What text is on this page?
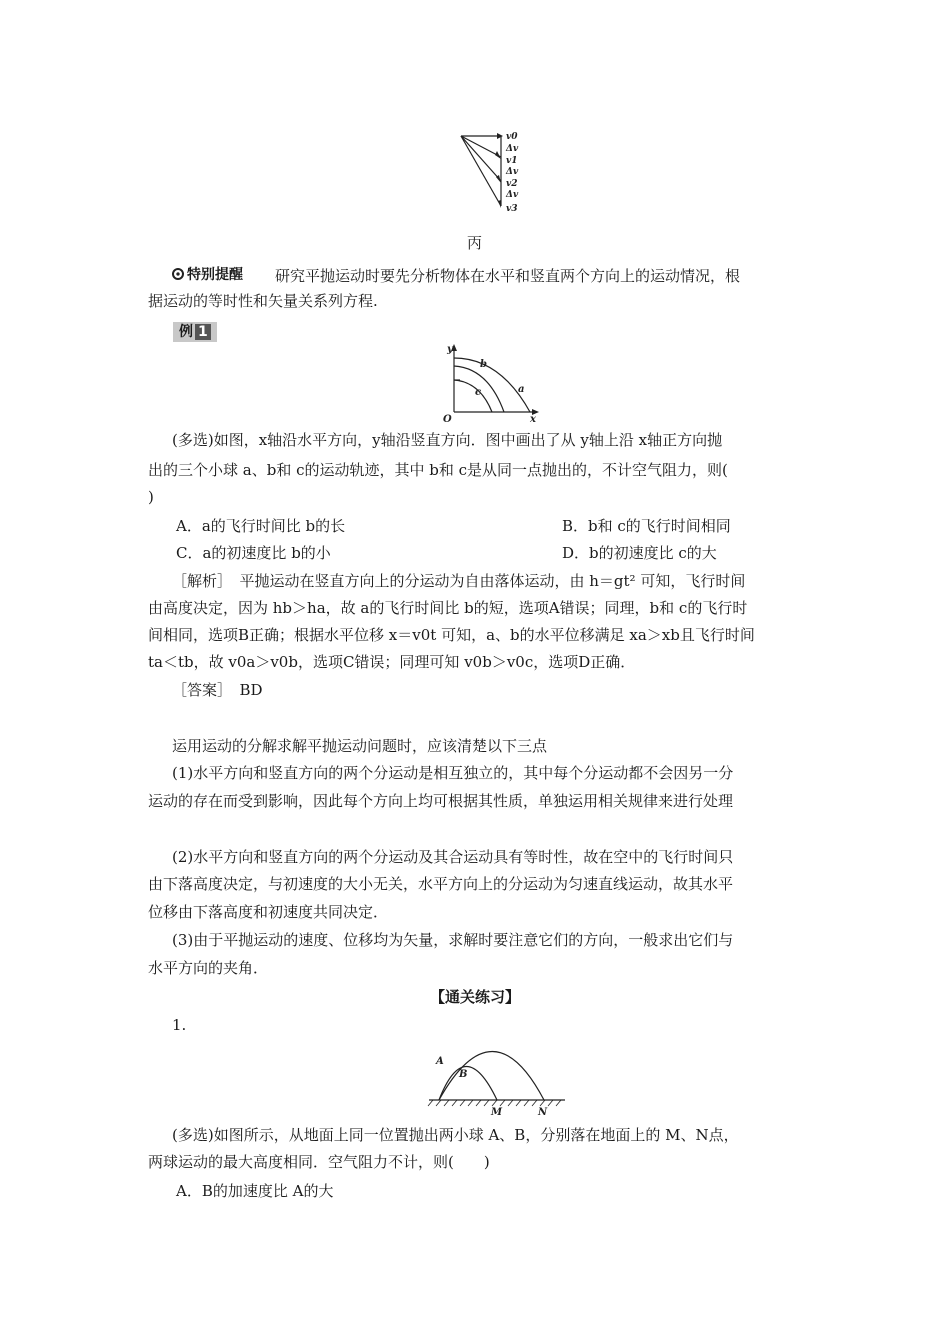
v0
Δv
v1
Δv
v2
Δv
v3
丙
特别提醒 研究平抛运动时要先分析物体在水平和竖直两个方向上的运动情况，根
据运动的等时性和矢量关系列方程.
例 1
y
b
c	a
O	x
(多选)如图，x轴沿水平方向，y轴沿竖直方向．图中画出了从 y轴上沿 x轴正方向抛
出的三个小球 a、b和 c的运动轨迹，其中 b和 c是从同一点抛出的，不计空气阻力，则(
)
A．a的飞行时间比 b的长	B．b和 c的飞行时间相同
C．a的初速度比 b的小	D．b的初速度比 c的大
［解析］　平抛运动在竖直方向上的分运动为自由落体运动，由 h＝gt² 可知，飞行时间
由高度决定，因为 hb＞ha，故 a的飞行时间比 b的短，选项A错误；同理，b和 c的飞行时
间相同，选项B正确；根据水平位移 x＝v0t 可知，a、b的水平位移满足 xa＞xb且飞行时间
ta＜tb，故 v0a＞v0b，选项C错误；同理可知 v0b＞v0c，选项D正确．
［答案］　BD
运用运动的分解求解平抛运动问题时，应该清楚以下三点
(1)水平方向和竖直方向的两个分运动是相互独立的，其中每个分运动都不会因另一分
运动的存在而受到影响，因此每个方向上均可根据其性质，单独运用相关规律来进行处理
(2)水平方向和竖直方向的两个分运动及其合运动具有等时性，故在空中的飞行时间只
由下落高度决定，与初速度的大小无关，水平方向上的分运动为匀速直线运动，故其水平
位移由下落高度和初速度共同决定．
(3)由于平抛运动的速度、位移均为矢量，求解时要注意它们的方向，一般求出它们与
水平方向的夹角．
【通关练习】
1.
A
B
M	N
(多选)如图所示，从地面上同一位置抛出两小球 A、B，分别落在地面上的 M、N点，
两球运动的最大高度相同．空气阻力不计，则(　　)
A．B的加速度比 A的大
